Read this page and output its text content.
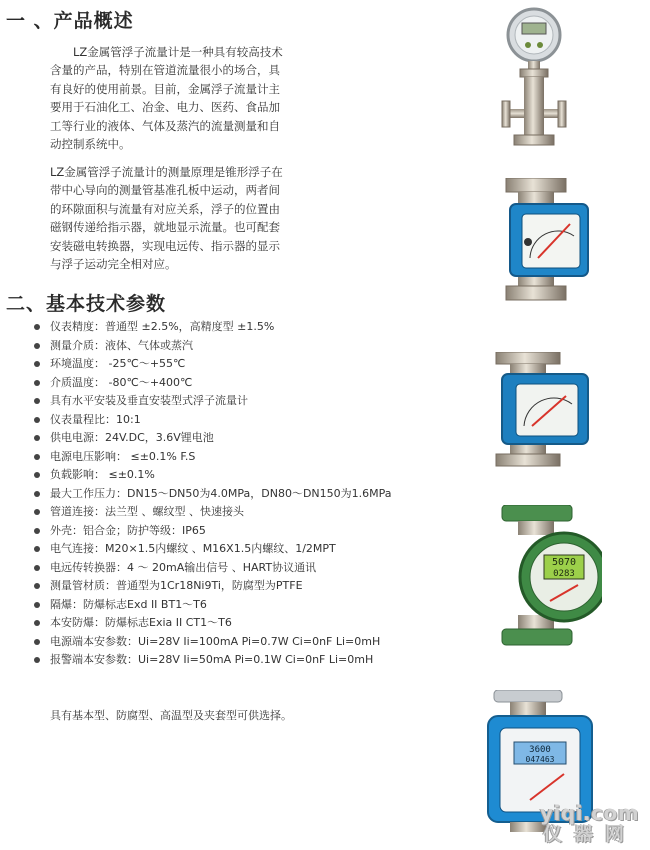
一 、产品概述

LZ金属管浮子流量计是一种具有较高技术含量的产品，特别在管道流量很小的场合，具有良好的使用前景。目前，金属浮子流量计主要用于石油化工、冶金、电力、医药、食品加工等行业的液体、气体及蒸汽的流量测量和自动控制系统中。

LZ金属管浮子流量计的测量原理是锥形浮子在带中心导向的测量管基准孔板中运动，两者间的环隙面积与流量有对应关系，浮子的位置由磁钢传递给指示器，就地显示流量。也可配套安装磁电转换器，实现电远传、指示器的显示与浮子运动完全相对应。

二、基本技术参数
仪表精度：普通型 ±2.5%，高精度型 ±1.5%
测量介质：液体、气体或蒸汽
环境温度： -25℃～+55℃
介质温度： -80℃～+400℃
具有水平安装及垂直安装型式浮子流量计
仪表量程比：10:1
供电电源：24V.DC，3.6V锂电池
电源电压影响： ≤±0.1% F.S
负载影响： ≤±0.1%
最大工作压力：DN15～DN50为4.0MPa，DN80～DN150为1.6MPa
管道连接：法兰型 、螺纹型 、快速接头
外壳：铝合金；防护等级：IP65
电气连接：M20×1.5内螺纹 、M16X1.5内螺纹、1/2MPT
电远传转换器：4 ～ 20mA输出信号 、HART协议通讯
测量管材质：普通型为1Cr18Ni9Ti，防腐型为PTFE
隔爆：防爆标志Exd II BT1～T6
本安防爆：防爆标志Exia II CT1～T6
电源端本安参数：Ui=28V Ii=100mA Pi=0.7W Ci=0nF Li=0mH
报警端本安参数：Ui=28V Ii=50mA Pi=0.1W Ci=0nF Li=0mH

具有基本型、防腐型、高温型及夹套型可供选择。

5070
0283
3600
047463
yiqi.com
仪器网
